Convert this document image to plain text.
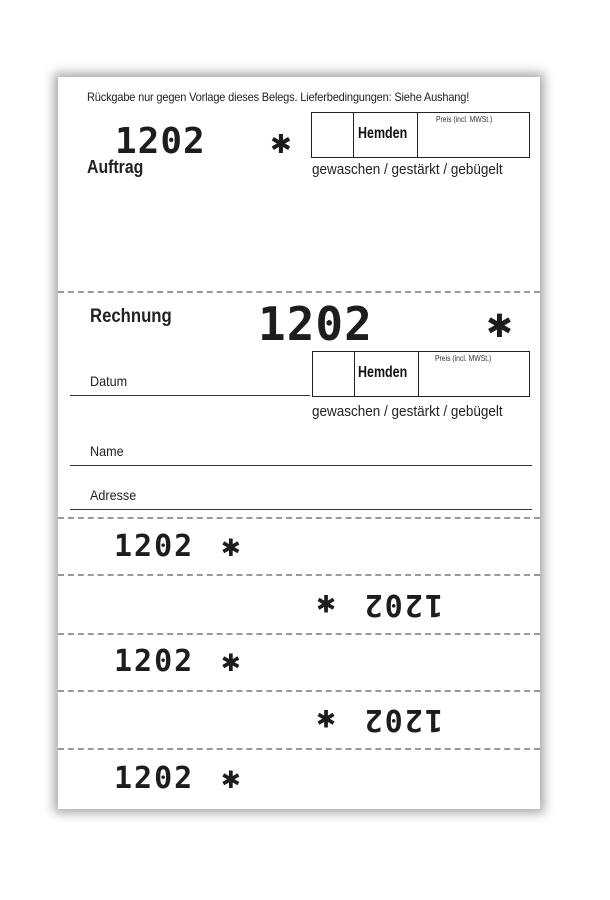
Rückgabe nur gegen Vorlage dieses Belegs. Lieferbedingungen: Siehe Aushang!
1202 ✱
Auftrag
Hemden
Preis (incl. MWSt.)
gewaschen / gestärkt / gebügelt
Rechnung 1202	✱
Hemden
Preis (incl. MWSt.)
Datum
gewaschen / gestärkt / gebügelt
Name
Adresse
1202 ✱
1202 ✱
1202 ✱
1202 ✱
1202 ✱
